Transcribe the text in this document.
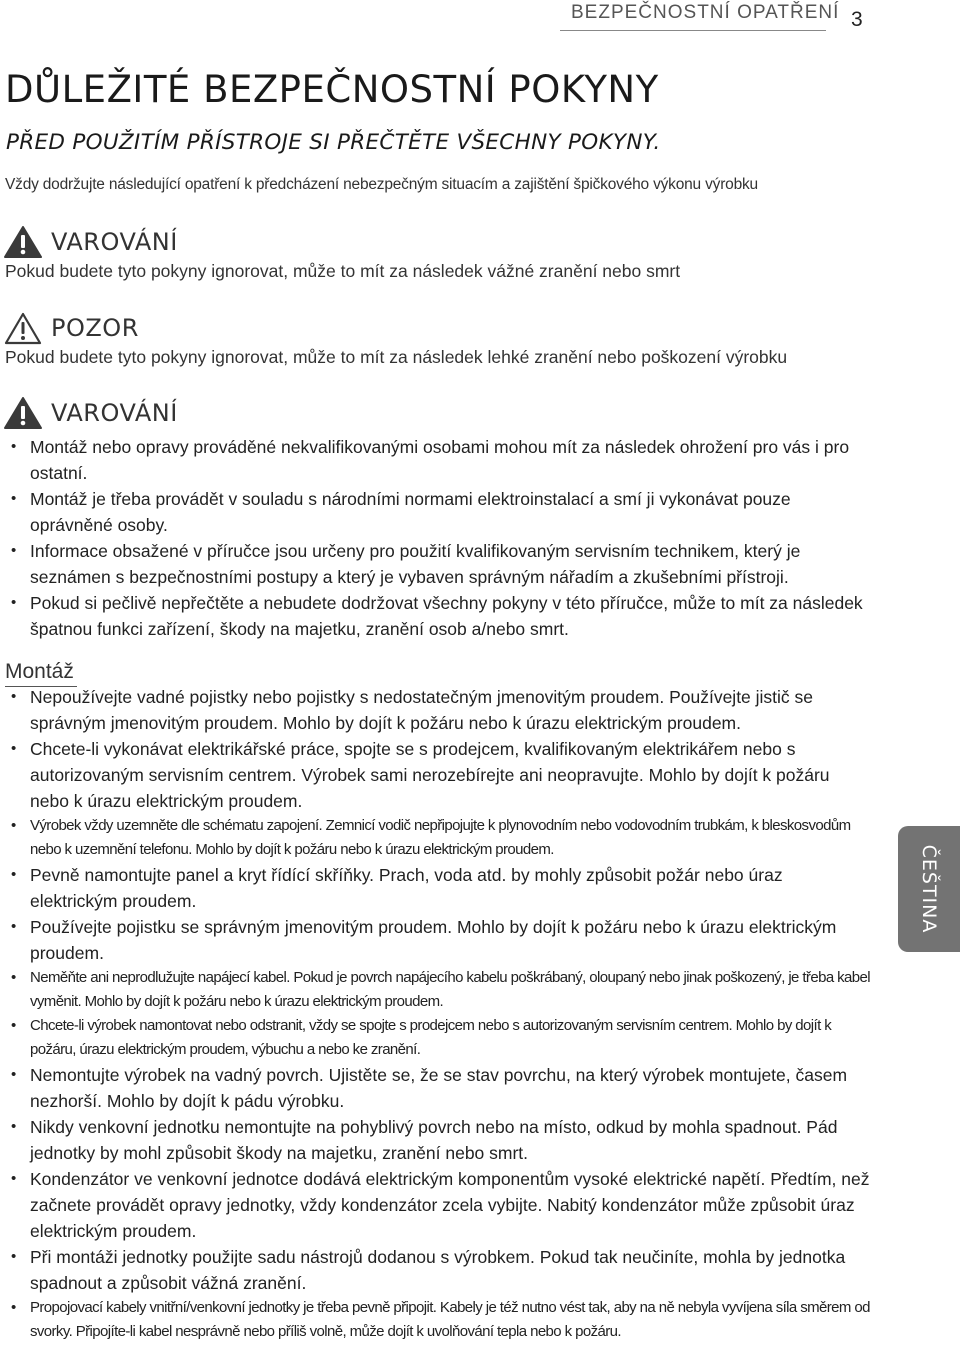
BEZPEČNOSTNÍ OPATŘENÍ 3
DŮLEŽITÉ BEZPEČNOSTNÍ POKYNY
PŘED POUŽITÍM PŘÍSTROJE SI PŘEČTĚTE VŠECHNY POKYNY.
Vždy dodržujte následující opatření k předcházení nebezpečným situacím a zajištění špičkového výkonu výrobku
VAROVÁNÍ
Pokud budete tyto pokyny ignorovat, může to mít za následek vážné zranění nebo smrt
POZOR
Pokud budete tyto pokyny ignorovat, může to mít za následek lehké zranění nebo poškození výrobku
VAROVÁNÍ
• Montáž nebo opravy prováděné nekvalifikovanými osobami mohou mít za následek ohrožení pro vás i pro ostatní.
• Montáž je třeba provádět v souladu s národními normami elektroinstalací a smí ji vykonávat pouze oprávněné osoby.
• Informace obsažené v příručce jsou určeny pro použití kvalifikovaným servisním technikem, který je seznámen s bezpečnostními postupy a který je vybaven správným nářadím a zkušebními přístroji.
• Pokud si pečlivě nepřečtěte a nebudete dodržovat všechny pokyny v této příručce, může to mít za následek špatnou funkci zařízení, škody na majetku, zranění osob a/nebo smrt.
Montáž
• Nepoužívejte vadné pojistky nebo pojistky s nedostatečným jmenovitým proudem. Používejte jistič se správným jmenovitým proudem. Mohlo by dojít k požáru nebo k úrazu elektrickým proudem.
• Chcete-li vykonávat elektrikářské práce, spojte se s prodejcem, kvalifikovaným elektrikářem nebo s autorizovaným servisním centrem. Výrobek sami nerozebírejte ani neopravujte. Mohlo by dojít k požáru nebo k úrazu elektrickým proudem.
• Výrobek vždy uzemněte dle schématu zapojení. Zemnicí vodič nepřipojujte k plynovodním nebo vodovodním trubkám, k bleskosvodům nebo k uzemnění telefonu. Mohlo by dojít k požáru nebo k úrazu elektrickým proudem.
• Pevně namontujte panel a kryt řídící skříňky. Prach, voda atd. by mohly způsobit požár nebo úraz elektrickým proudem.
• Používejte pojistku se správným jmenovitým proudem. Mohlo by dojít k požáru nebo k úrazu elektrickým proudem.
• Neměňte ani neprodlužujte napájecí kabel. Pokud je povrch napájecího kabelu poškrábaný, oloupaný nebo jinak poškozený, je třeba kabel vyměnit. Mohlo by dojít k požáru nebo k úrazu elektrickým proudem.
• Chcete-li výrobek namontovat nebo odstranit, vždy se spojte s prodejcem nebo s autorizovaným servisním centrem. Mohlo by dojít k požáru, úrazu elektrickým proudem, výbuchu a nebo ke zranění.
• Nemontujte výrobek na vadný povrch. Ujistěte se, že se stav povrchu, na který výrobek montujete, časem nezhorší. Mohlo by dojít k pádu výrobku.
• Nikdy venkovní jednotku nemontujte na pohyblivý povrch nebo na místo, odkud by mohla spadnout. Pád jednotky by mohl způsobit škody na majetku, zranění nebo smrt.
• Kondenzátor ve venkovní jednotce dodává elektrickým komponentům vysoké elektrické napětí. Předtím, než začnete provádět opravy jednotky, vždy kondenzátor zcela vybijte. Nabitý kondenzátor může způsobit úraz elektrickým proudem.
• Při montáži jednotky použijte sadu nástrojů dodanou s výrobkem. Pokud tak neučiníte, mohla by jednotka spadnout a způsobit vážná zranění.
• Propojovací kabely vnitřní/venkovní jednotky je třeba pevně připojit. Kabely je též nutno vést tak, aby na ně nebyla vyvíjena síla směrem od svorky. Připojíte-li kabel nesprávně nebo příliš volně, může dojít k uvolňování tepla nebo k požáru.
ČEŠTINA
